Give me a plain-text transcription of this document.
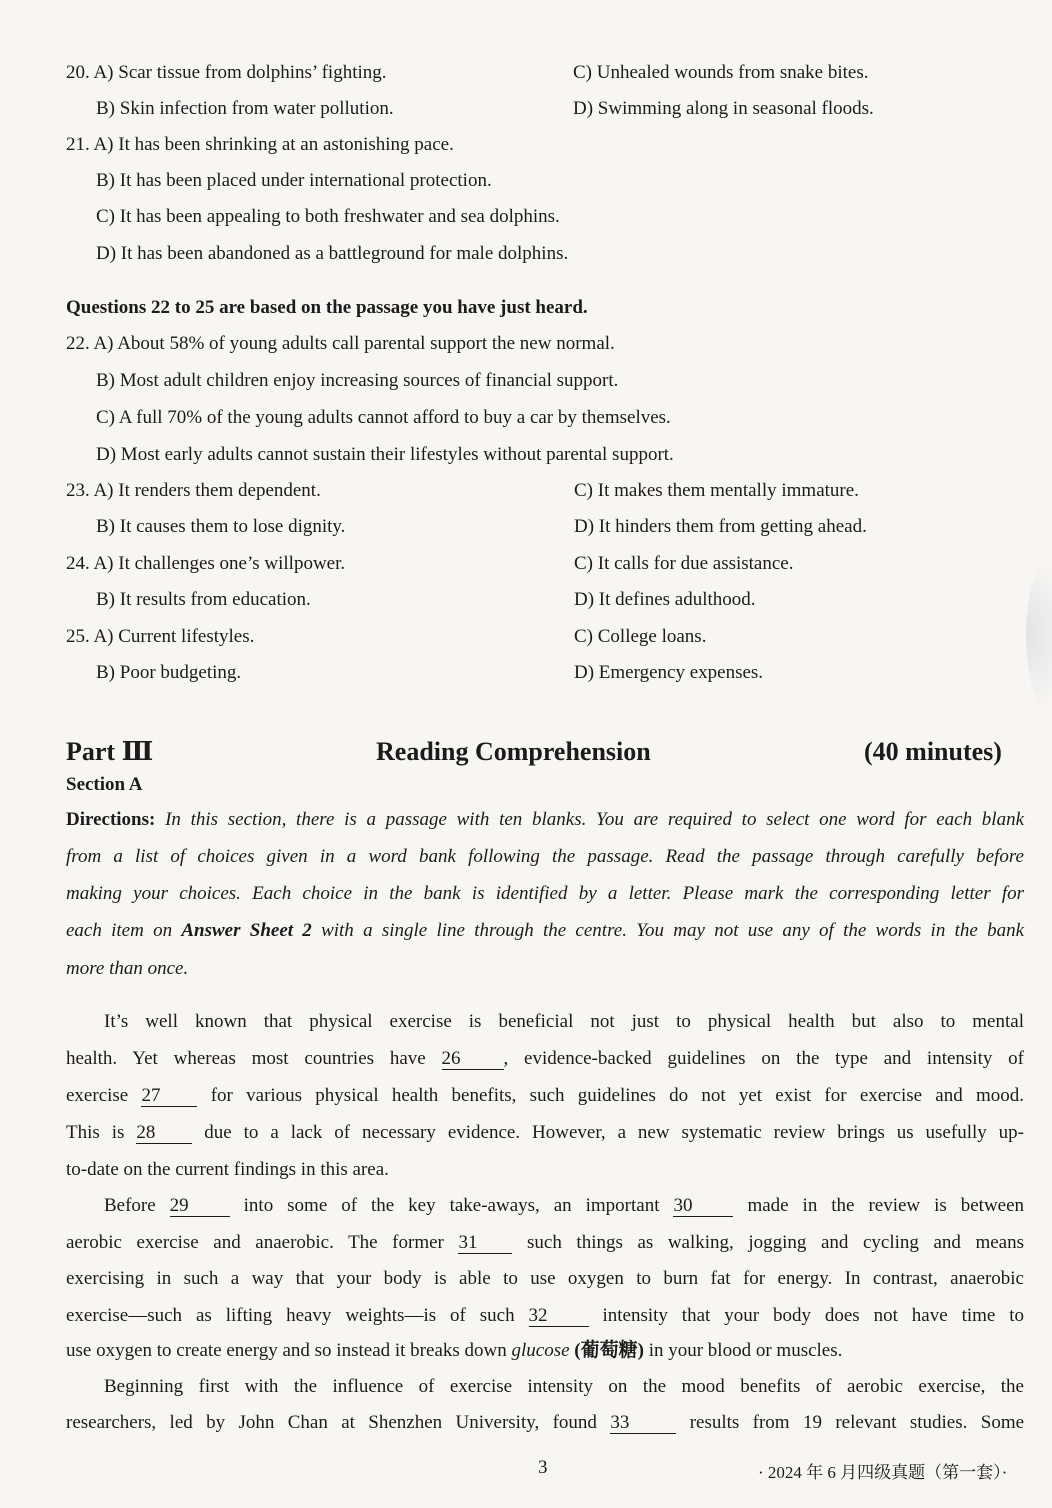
20. A) Scar tissue from dolphins’ fighting.	C) Unhealed wounds from snake bites.
B) Skin infection from water pollution.	D) Swimming along in seasonal floods.
21. A) It has been shrinking at an astonishing pace.
B) It has been placed under international protection.
C) It has been appealing to both freshwater and sea dolphins.
D) It has been abandoned as a battleground for male dolphins.
Questions 22 to 25 are based on the passage you have just heard.
22. A) About 58% of young adults call parental support the new normal.
B) Most adult children enjoy increasing sources of financial support.
C) A full 70% of the young adults cannot afford to buy a car by themselves.
D) Most early adults cannot sustain their lifestyles without parental support.
23. A) It renders them dependent.	C) It makes them mentally immature.
B) It causes them to lose dignity.	D) It hinders them from getting ahead.
24. A) It challenges one’s willpower.	C) It calls for due assistance.
B) It results from education.	D) It defines adulthood.
25. A) Current lifestyles.	C) College loans.
B) Poor budgeting.	D) Emergency expenses.
Part Ⅲ	Reading Comprehension	(40 minutes)
Section A
Directions: In this section, there is a passage with ten blanks. You are required to select one word for each blank
from a list of choices given in a word bank following the passage. Read the passage through carefully before
making your choices. Each choice in the bank is identified by a letter. Please mark the corresponding letter for
each item on Answer Sheet 2 with a single line through the centre. You may not use any of the words in the bank
more than once.
It’s well known that physical exercise is beneficial not just to physical health but also to mental
health. Yet whereas most countries have 26 , evidence-backed guidelines on the type and intensity of
exercise 27	for various physical health benefits, such guidelines do not yet exist for exercise and mood.
This is 28	due to a lack of necessary evidence. However, a new systematic review brings us usefully up-
to-date on the current findings in this area.
Before 29	into some of the key take-aways, an important 30	made in the review is between
aerobic exercise and anaerobic. The former 31	such things as walking, jogging and cycling and means
exercising in such a way that your body is able to use oxygen to burn fat for energy. In contrast, anaerobic
exercise—such as lifting heavy weights—is of such 32	intensity that your body does not have time to
use oxygen to create energy and so instead it breaks down glucose (葡萄糖) in your blood or muscles.
Beginning first with the influence of exercise intensity on the mood benefits of aerobic exercise, the
researchers, led by John Chan at Shenzhen University, found 33	results from 19 relevant studies. Some
3	· 2024 年 6 月四级真题（第一套）·
